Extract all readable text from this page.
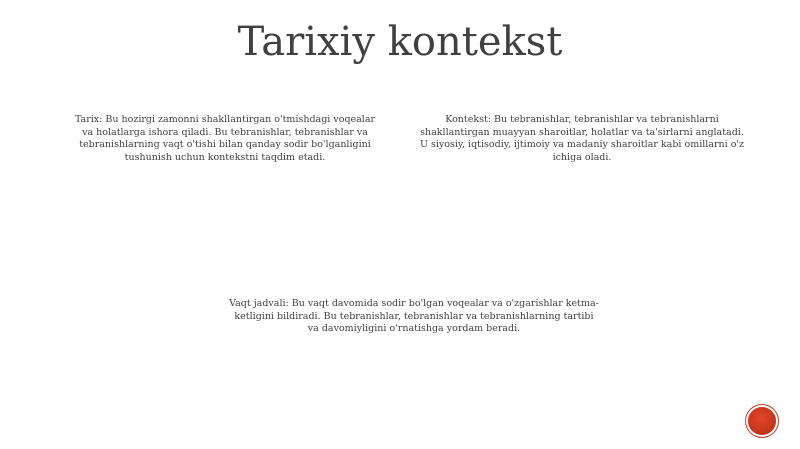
Tarixiy kontekst

Tarix: Bu hozirgi zamonni shakllantirgan o'tmishdagi voqealar va holatlarga ishora qiladi. Bu tebranishlar, tebranishlar va tebranishlarning vaqt o'tishi bilan qanday sodir bo'lganligini tushunish uchun kontekstni taqdim etadi.

Kontekst: Bu tebranishlar, tebranishlar va tebranishlarni shakllantirgan muayyan sharoitlar, holatlar va ta'sirlarni anglatadi. U siyosiy, iqtisodiy, ijtimoiy va madaniy sharoitlar kabi omillarni o'z ichiga oladi.

Vaqt jadvali: Bu vaqt davomida sodir bo'lgan voqealar va o'zgarishlar ketma-ketligini bildiradi. Bu tebranishlar, tebranishlar va tebranishlarning tartibi va davomiyligini o'rnatishga yordam beradi.
